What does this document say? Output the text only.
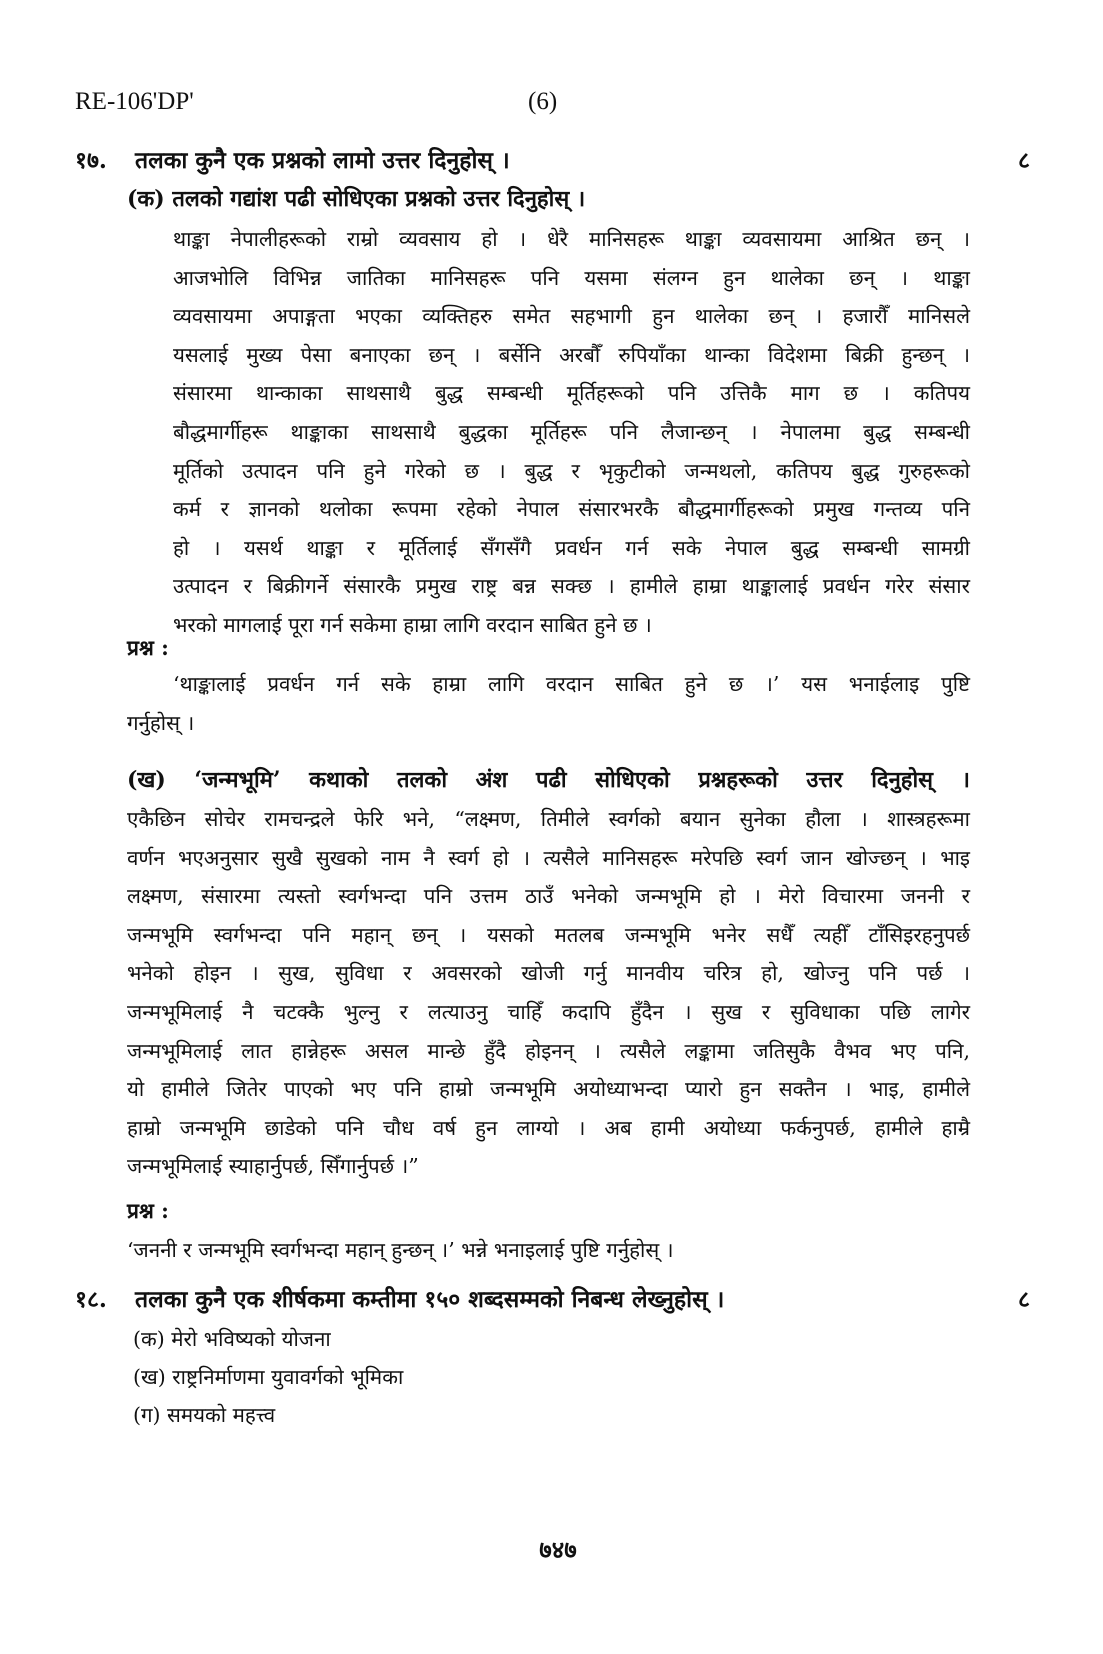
RE-106'DP'	(6)
१७. तलका कुनै एक प्रश्नको लामो उत्तर दिनुहोस् ।	८
(क) तलको गद्यांश पढी सोधिएका प्रश्नको उत्तर दिनुहोस् ।
थाङ्का नेपालीहरूको राम्रो व्यवसाय हो । धेरै मानिसहरू थाङ्का व्यवसायमा आश्रित छन् ।
आजभोलि विभिन्न जातिका मानिसहरू पनि यसमा संलग्न हुन थालेका छन् । थाङ्का
व्यवसायमा अपाङ्गता भएका व्यक्तिहरु समेत सहभागी हुन थालेका छन् । हजारौँ मानिसले
यसलाई मुख्य पेसा बनाएका छन् । बर्सेनि अरबौँ रुपियाँका थान्का विदेशमा बिक्री हुन्छन् ।
संसारमा थान्काका साथसाथै बुद्ध सम्बन्धी मूर्तिहरूको पनि उत्तिकै माग छ । कतिपय
बौद्धमार्गीहरू थाङ्काका साथसाथै बुद्धका मूर्तिहरू पनि लैजान्छन् । नेपालमा बुद्ध सम्बन्धी
मूर्तिको उत्पादन पनि हुने गरेको छ । बुद्ध र भृकुटीको जन्मथलो, कतिपय बुद्ध गुरुहरूको
कर्म र ज्ञानको थलोका रूपमा रहेको नेपाल संसारभरकै बौद्धमार्गीहरूको प्रमुख गन्तव्य पनि
हो । यसर्थ थाङ्का र मूर्तिलाई सँगसँगै प्रवर्धन गर्न सके नेपाल बुद्ध सम्बन्धी सामग्री
उत्पादन र बिक्रीगर्ने संसारकै प्रमुख राष्ट्र बन्न सक्छ । हामीले हाम्रा थाङ्कालाई प्रवर्धन गरेर संसार
भरको मागलाई पूरा गर्न सकेमा हाम्रा लागि वरदान साबित हुने छ ।
प्रश्न :
‘थाङ्कालाई प्रवर्धन गर्न सके हाम्रा लागि वरदान साबित हुने छ ।’ यस भनाईलाइ पुष्टि
गर्नुहोस् ।
(ख) ‘जन्मभूमि’ कथाको तलको अंश पढी सोधिएको प्रश्नहरूको उत्तर दिनुहोस् ।
एकैछिन सोचेर रामचन्द्रले फेरि भने, “लक्ष्मण, तिमीले स्वर्गको बयान सुनेका हौला । शास्त्रहरूमा
वर्णन भएअनुसार सुखै सुखको नाम नै स्वर्ग हो । त्यसैले मानिसहरू मरेपछि स्वर्ग जान खोज्छन् । भाइ
लक्ष्मण, संसारमा त्यस्तो स्वर्गभन्दा पनि उत्तम ठाउँ भनेको जन्मभूमि हो । मेरो विचारमा जननी र
जन्मभूमि स्वर्गभन्दा पनि महान् छन् । यसको मतलब जन्मभूमि भनेर सधैँ त्यहीँ टाँसिइरहनुपर्छ
भनेको होइन । सुख, सुविधा र अवसरको खोजी गर्नु मानवीय चरित्र हो, खोज्नु पनि पर्छ ।
जन्मभूमिलाई नै चटक्कै भुल्नु र लत्याउनु चाहिँ कदापि हुँदैन । सुख र सुविधाका पछि लागेर
जन्मभूमिलाई लात हान्नेहरू असल मान्छे हुँदै होइनन् । त्यसैले लङ्कामा जतिसुकै वैभव भए पनि,
यो हामीले जितेर पाएको भए पनि हाम्रो जन्मभूमि अयोध्याभन्दा प्यारो हुन सक्तैन । भाइ, हामीले
हाम्रो जन्मभूमि छाडेको पनि चौध वर्ष हुन लाग्यो । अब हामी अयोध्या फर्कनुपर्छ, हामीले हाम्रै
जन्मभूमिलाई स्याहार्नुपर्छ, सिँगार्नुपर्छ ।”
प्रश्न :
‘जननी र जन्मभूमि स्वर्गभन्दा महान् हुन्छन् ।’ भन्ने भनाइलाई पुष्टि गर्नुहोस् ।
१८. तलका कुनै एक शीर्षकमा कम्तीमा १५० शब्दसम्मको निबन्ध लेख्नुहोस् ।	८
(क) मेरो भविष्यको योजना
(ख) राष्ट्रनिर्माणमा युवावर्गको भूमिका
(ग) समयको महत्त्व
७४७
